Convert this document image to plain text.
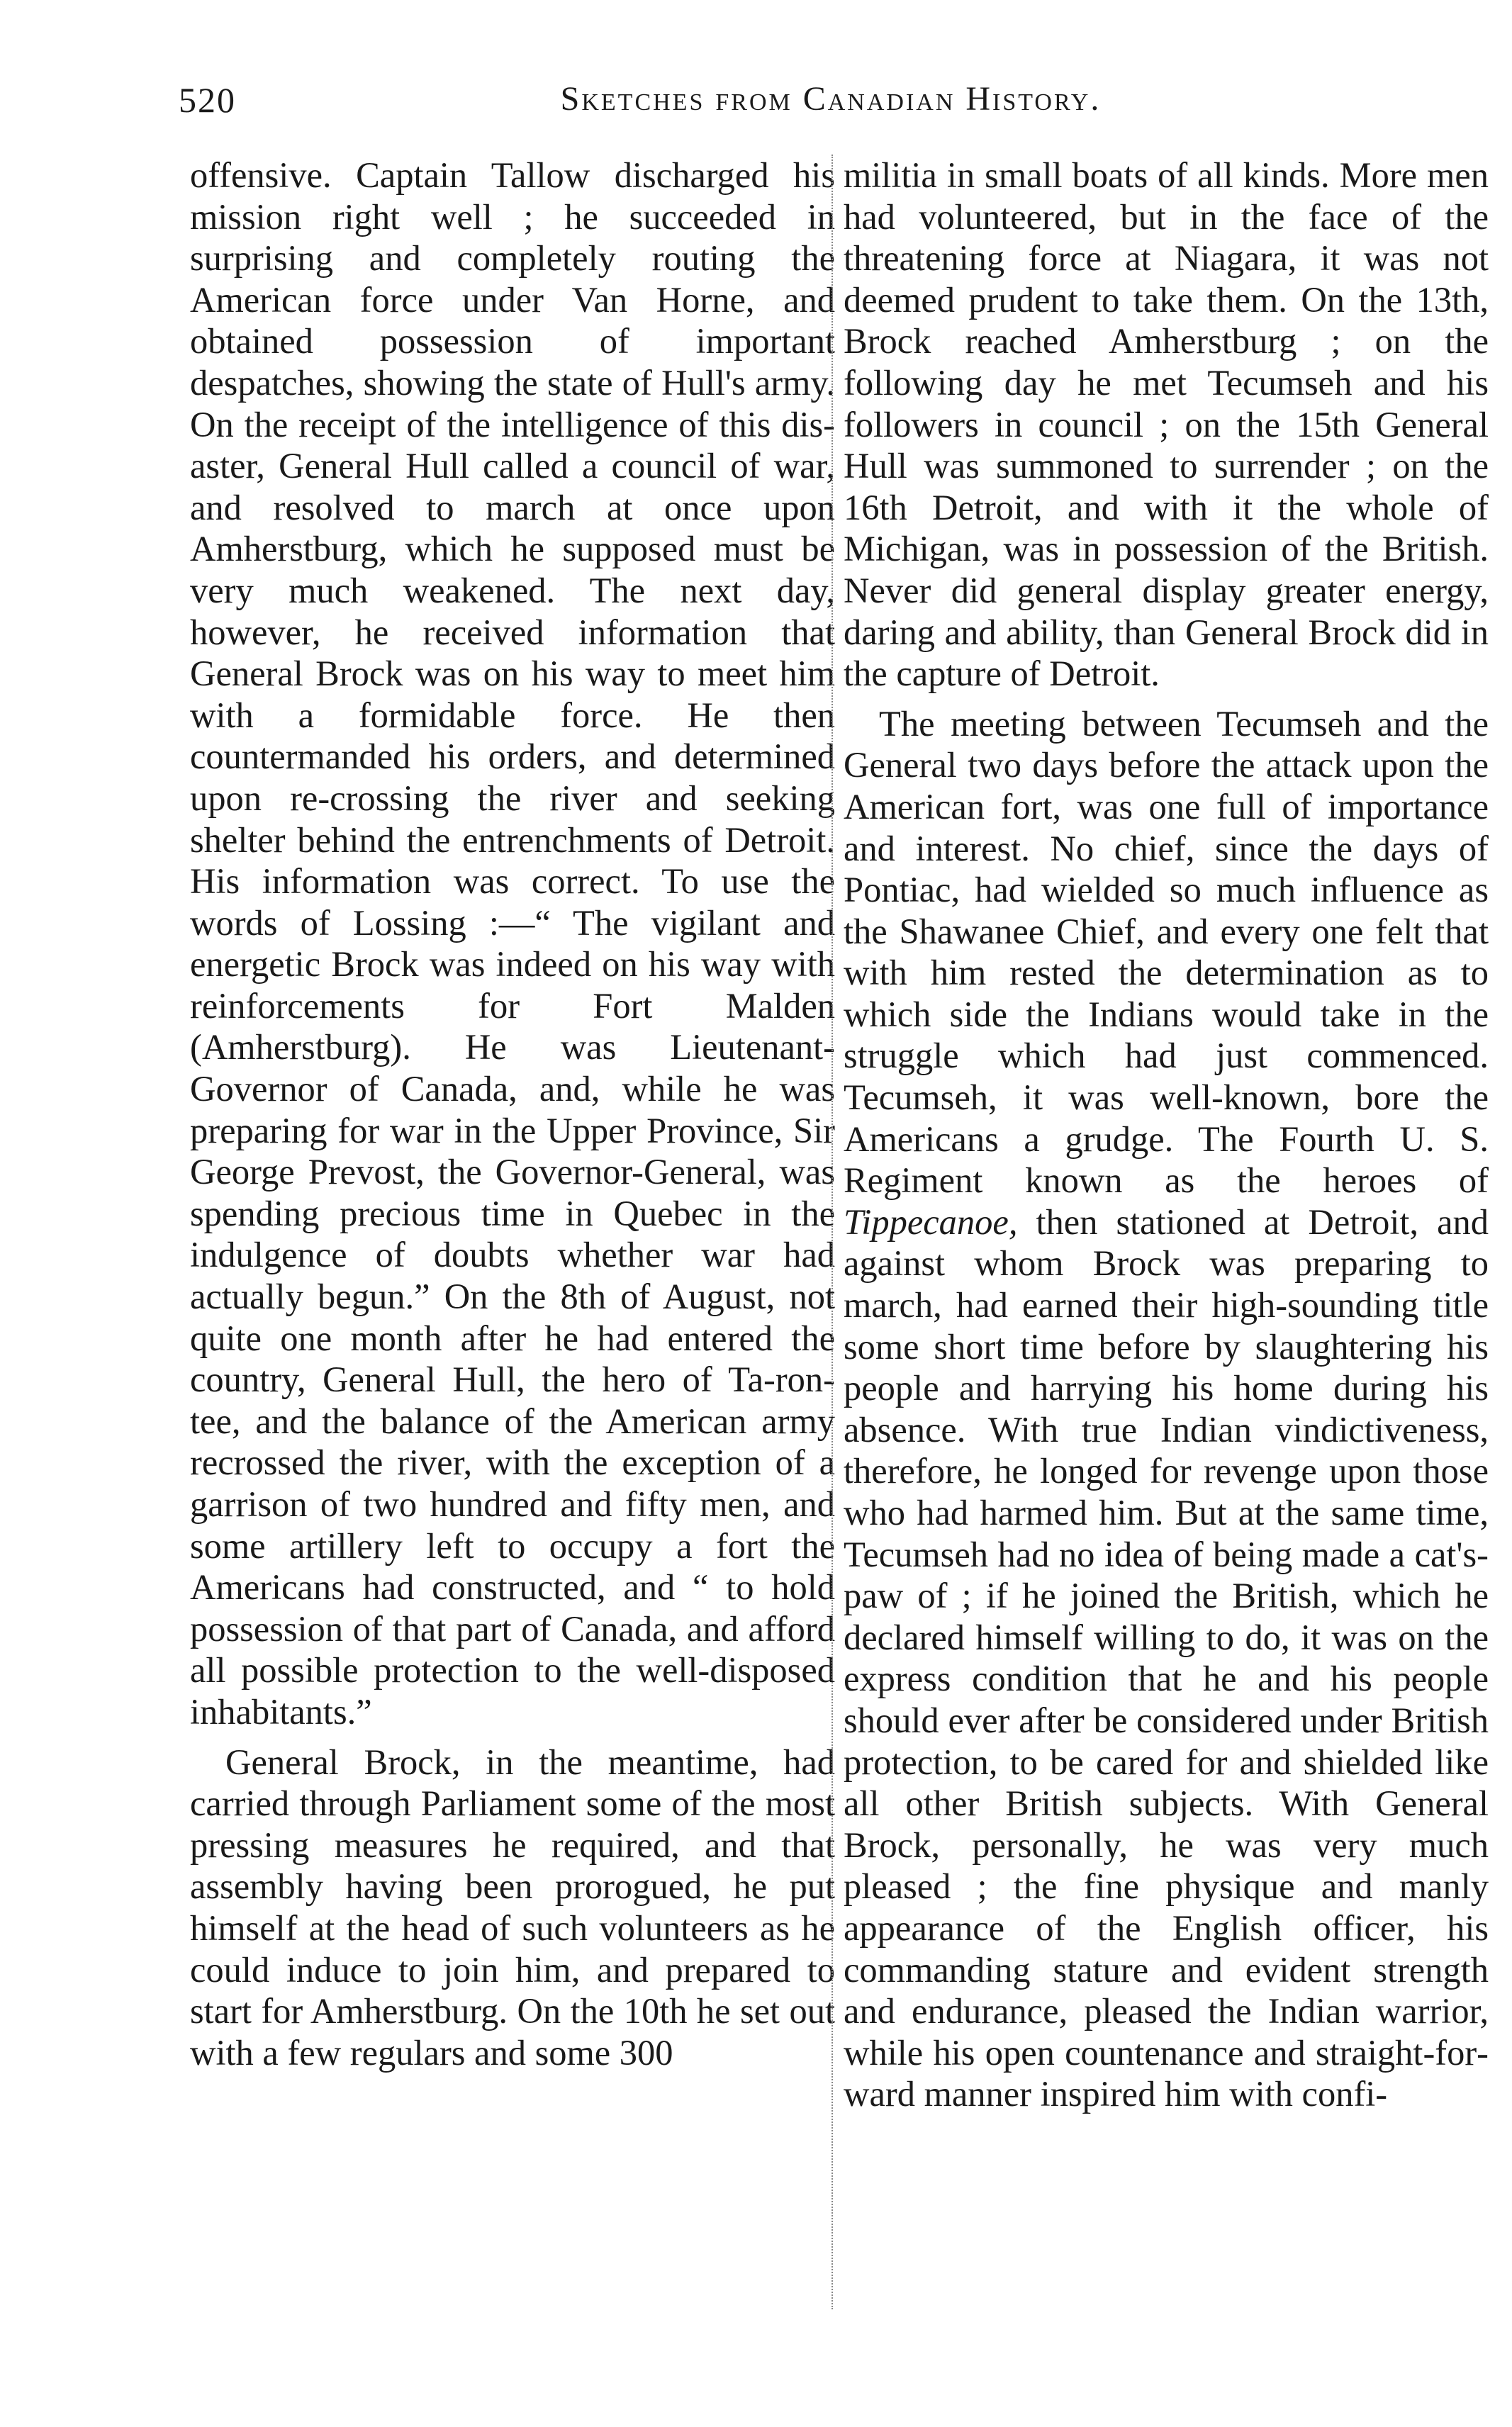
520	Sketches from Canadian History.

offensive. Captain Tallow discharged his mission right well ; he succeeded in surprising and completely routing the American force under Van Horne, and obtained possession of important despatches, showing the state of Hull's army. On the receipt of the intelligence of this disaster, General Hull called a council of war, and resolved to march at once upon Amherstburg, which he supposed must be very much weakened. The next day, however, he received information that General Brock was on his way to meet him with a formidable force. He then countermanded his orders, and determined upon re-crossing the river and seeking shelter behind the entrenchments of Detroit. His information was correct. To use the words of Lossing :—“ The vigilant and energetic Brock was indeed on his way with reinforcements for Fort Malden (Amherstburg). He was Lieutenant-Governor of Canada, and, while he was preparing for war in the Upper Province, Sir George Prevost, the Governor-General, was spending precious time in Quebec in the indulgence of doubts whether war had actually begun.” On the 8th of August, not quite one month after he had entered the country, General Hull, the hero of Ta-ron-tee, and the balance of the American army recrossed the river, with the exception of a garrison of two hundred and fifty men, and some artillery left to occupy a fort the Americans had constructed, and “ to hold possession of that part of Canada, and afford all possible protection to the well-disposed inhabitants.”

General Brock, in the meantime, had carried through Parliament some of the most pressing measures he required, and that assembly having been prorogued, he put himself at the head of such volunteers as he could induce to join him, and prepared to start for Amherstburg. On the 10th he set out with a few regulars and some 300

militia in small boats of all kinds. More men had volunteered, but in the face of the threatening force at Niagara, it was not deemed prudent to take them. On the 13th, Brock reached Amherstburg ; on the following day he met Tecumseh and his followers in council ; on the 15th General Hull was summoned to surrender ; on the 16th Detroit, and with it the whole of Michigan, was in possession of the British. Never did general display greater energy, daring and ability, than General Brock did in the capture of Detroit.

The meeting between Tecumseh and the General two days before the attack upon the American fort, was one full of importance and interest. No chief, since the days of Pontiac, had wielded so much influence as the Shawanee Chief, and every one felt that with him rested the determination as to which side the Indians would take in the struggle which had just commenced. Tecumseh, it was well-known, bore the Americans a grudge. The Fourth U. S. Regiment known as the heroes of Tippecanoe, then stationed at Detroit, and against whom Brock was preparing to march, had earned their high-sounding title some short time before by slaughtering his people and harrying his home during his absence. With true Indian vindictiveness, therefore, he longed for revenge upon those who had harmed him. But at the same time, Tecumseh had no idea of being made a cat's-paw of ; if he joined the British, which he declared himself willing to do, it was on the express condition that he and his people should ever after be considered under British protection, to be cared for and shielded like all other British subjects. With General Brock, personally, he was very much pleased ; the fine physique and manly appearance of the English officer, his commanding stature and evident strength and endurance, pleased the Indian warrior, while his open countenance and straight-forward manner inspired him with confi-
